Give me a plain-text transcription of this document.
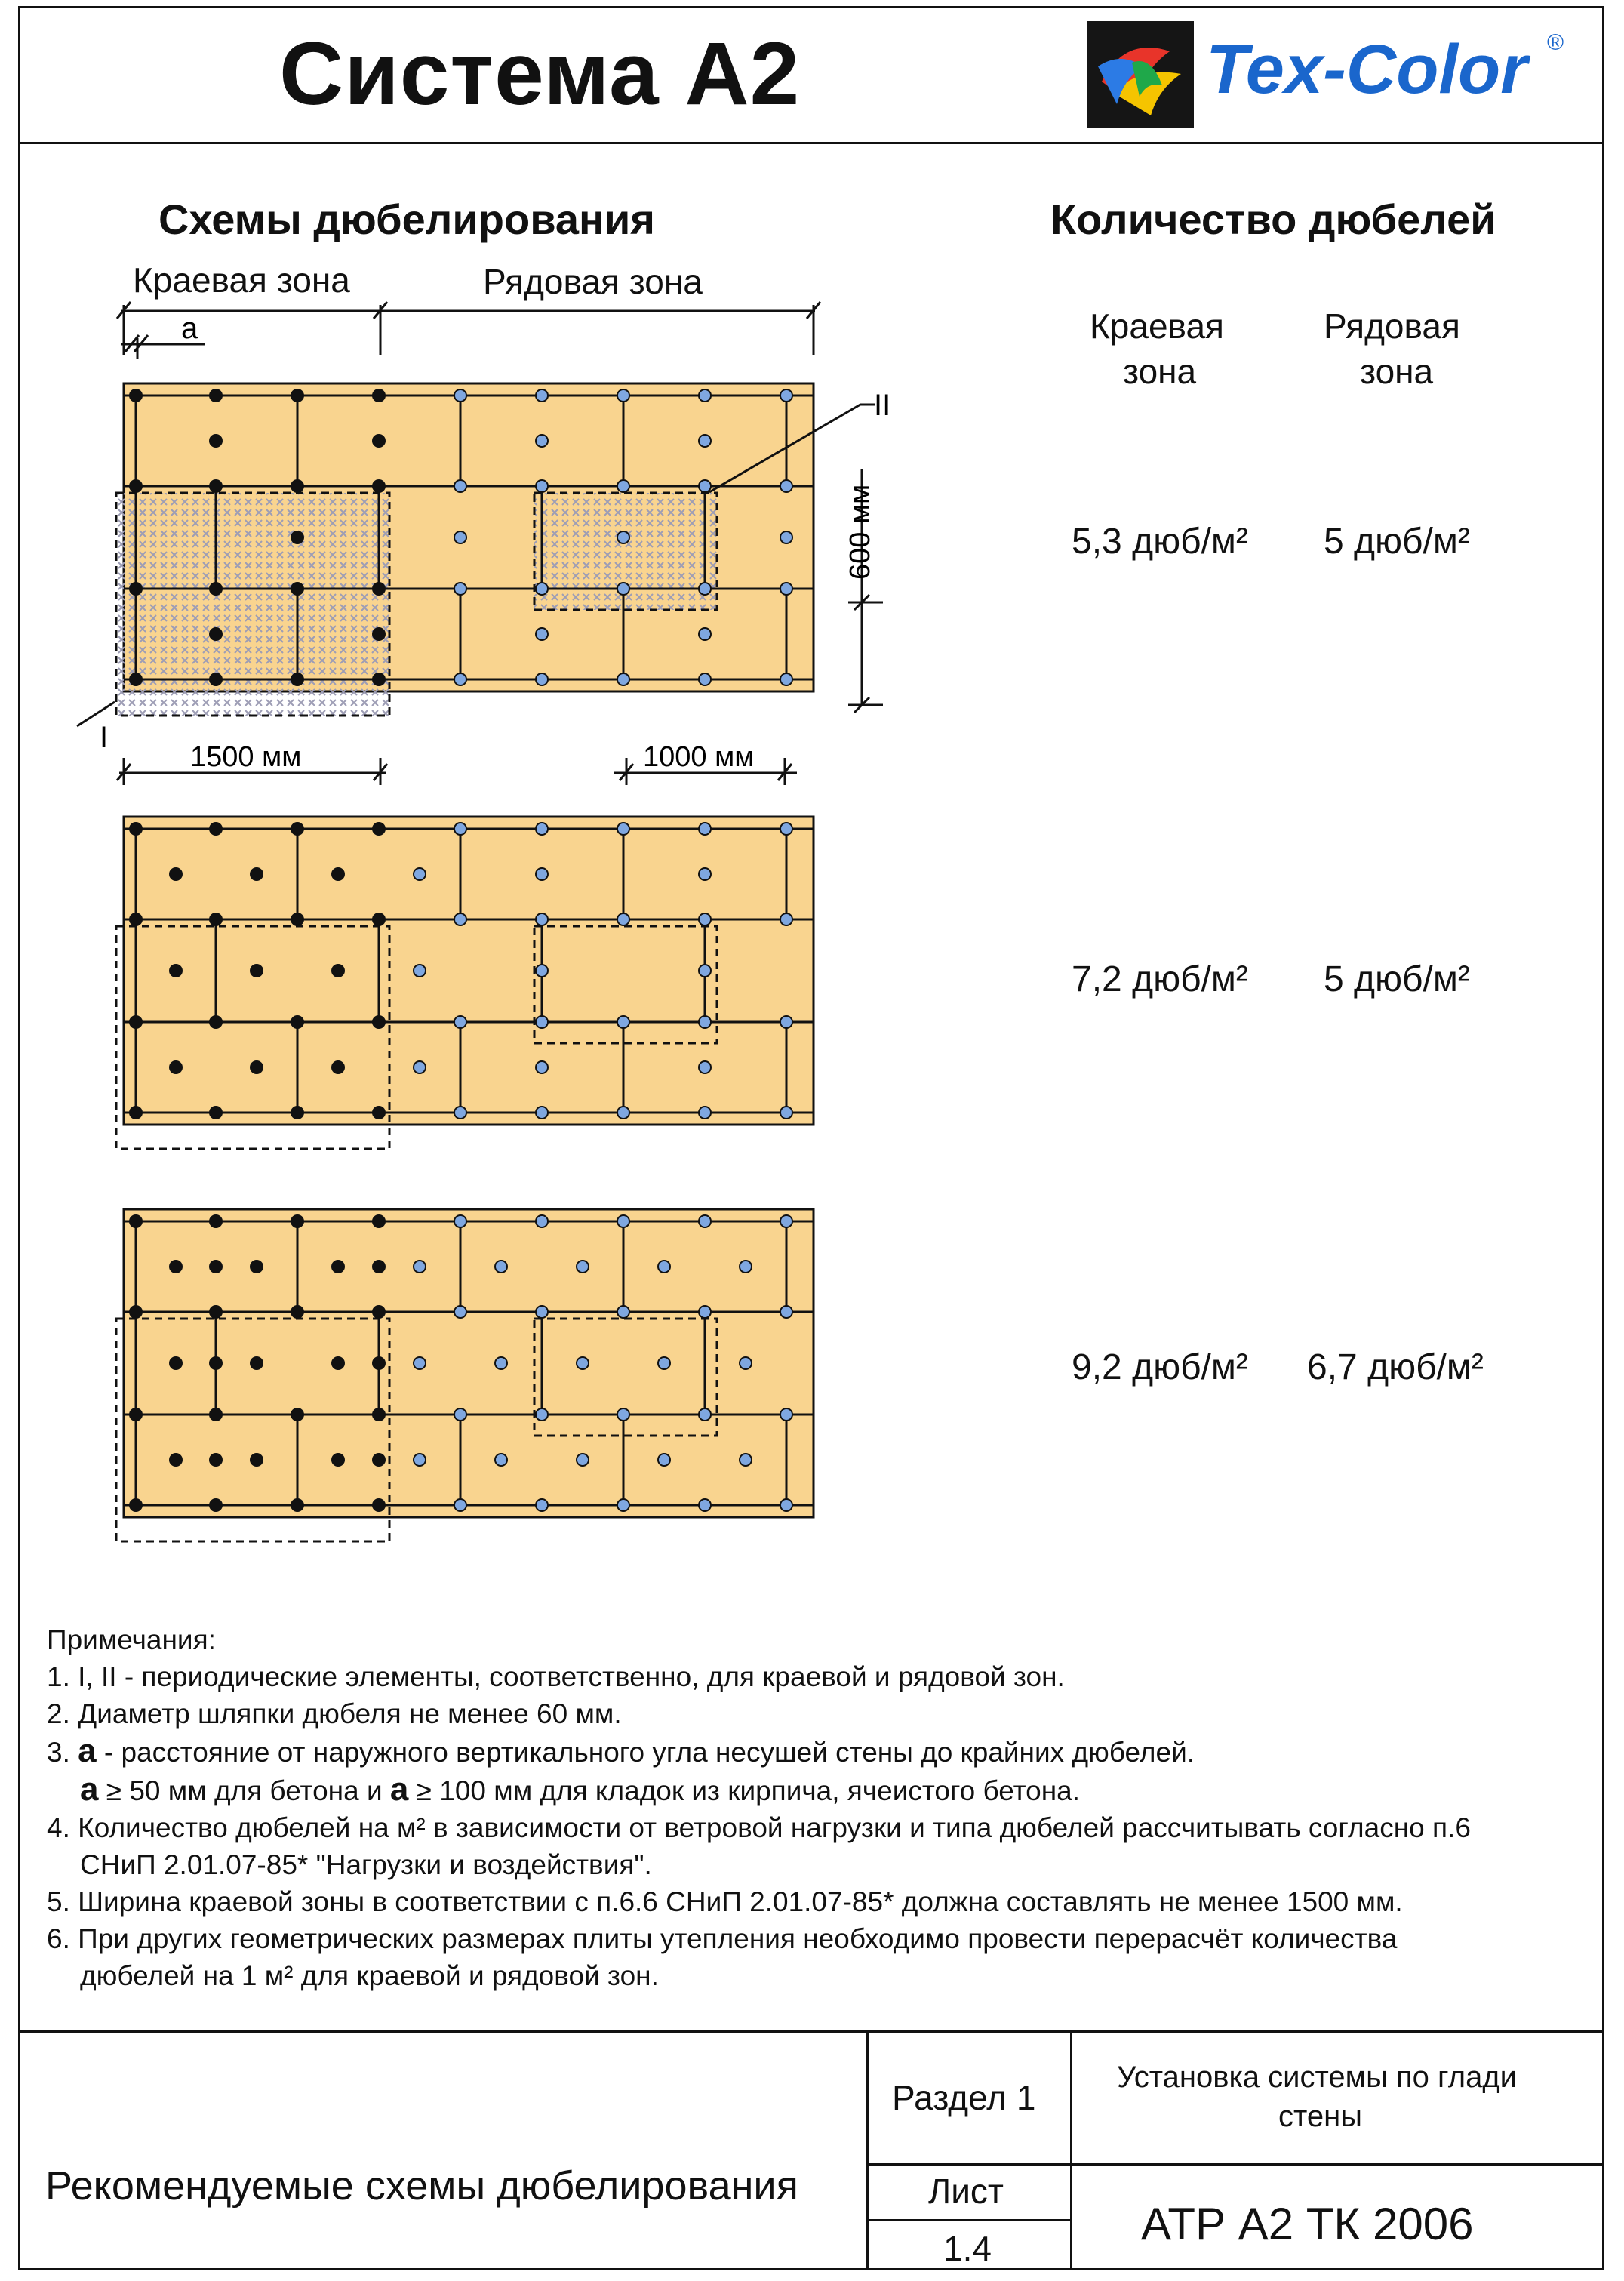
Система А2	Tex-Color ®
Схемы дюбелирования
Краевая зона	Рядовая зона
Количество дюбелей
Краевая
зона
Рядовая
зона
5,3 дюб/м² 5 дюб/м²
7,2 дюб/м² 5 дюб/м²
9,2 дюб/м² 6,7 дюб/м²
a
II
I
1500 мм	1000 мм
600 мм
Примечания:
1. I, II - периодические элементы, соответственно, для краевой и рядовой зон.
2. Диаметр шляпки дюбеля не менее 60 мм.
3. a - расстояние от наружного вертикального угла несушей стены до крайних дюбелей.
a ≥ 50 мм для бетона и a ≥ 100 мм для кладок из кирпича, ячеистого бетона.
4. Количество дюбелей на м² в зависимости от ветровой нагрузки и типа дюбелей рассчитывать согласно п.6
СНиП 2.01.07-85* "Нагрузки и воздействия".
5. Ширина краевой зоны в соответствии с п.6.6 СНиП 2.01.07-85* должна составлять не менее 1500 мм.
6. При других геометрических размерах плиты утепления необходимо провести перерасчёт количества
дюбелей на 1 м² для краевой и рядовой зон.
Рекомендуемые схемы дюбелирования
Раздел 1
Установка системы по глади
стены
Лист
1.4	АТР А2 ТК 2006
